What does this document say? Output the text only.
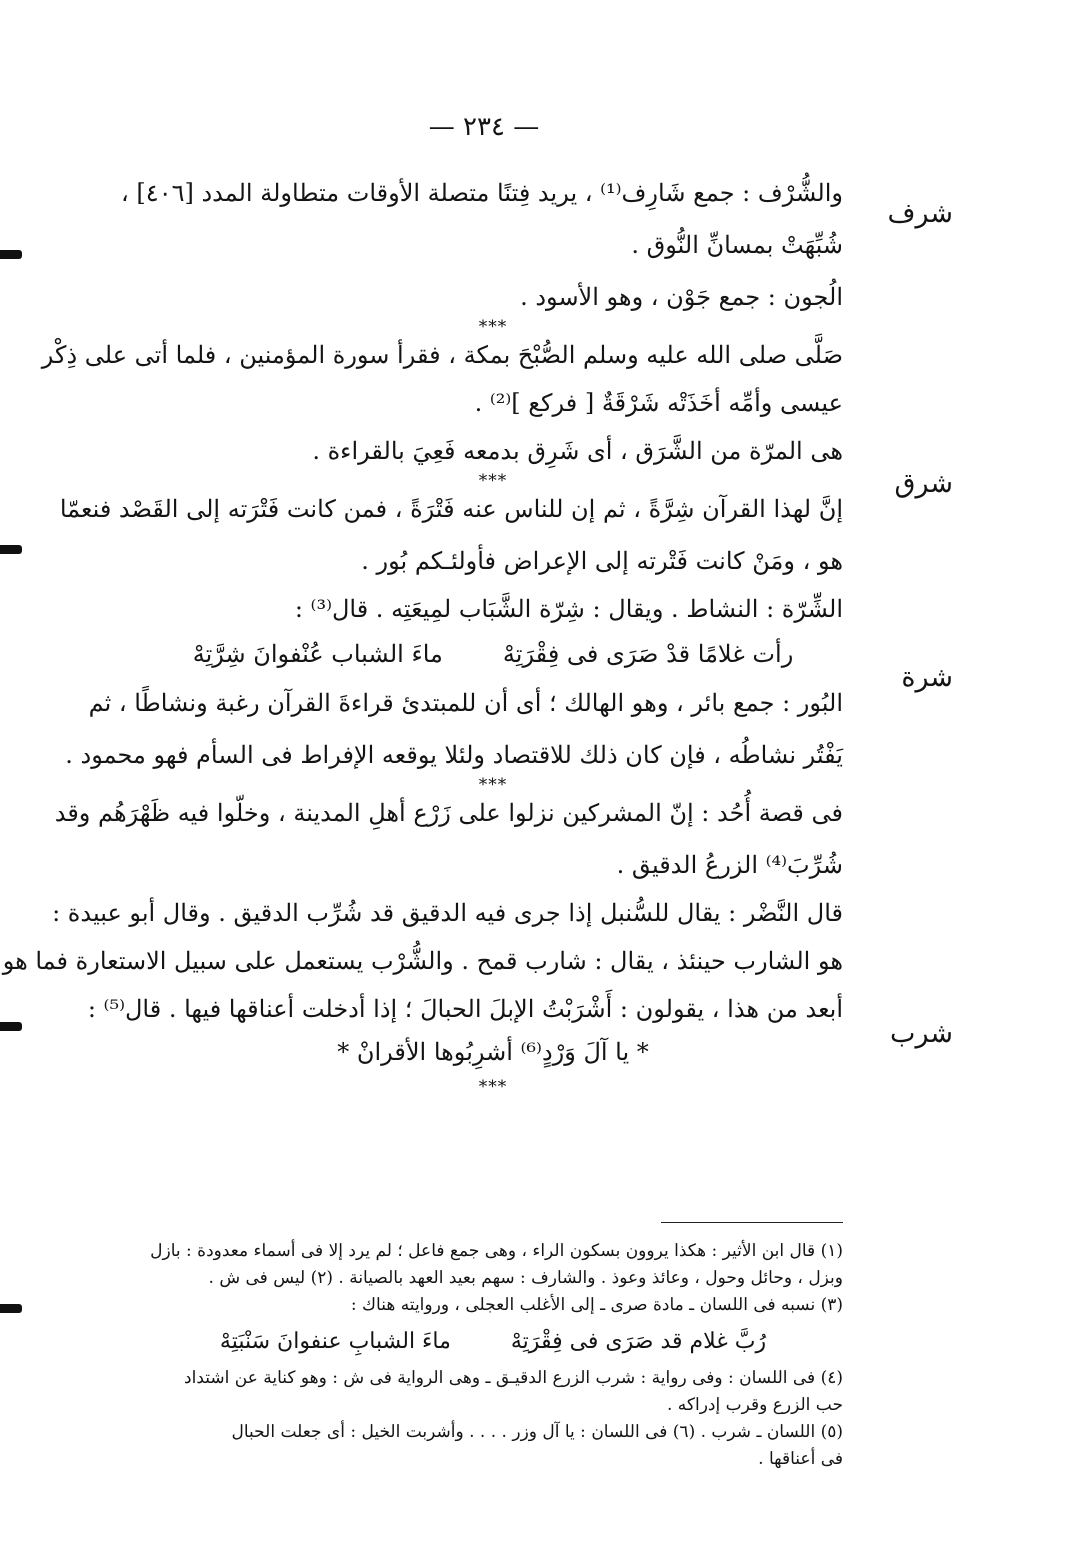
— ٢٣٤ —
شرف
شرق
شرة
شرب
والشُّرْف : جمع شَارِف⁽¹⁾ ، يريد فِتنًا متصلة الأوقات متطاولة المدد [٤٠٦] ،
شُبِّهَتْ بمسانِّ النُّوق .
الُجون : جمع جَوْن ، وهو الأسود .
***
صَلَّى صلى الله عليه وسلم الصُّبْحَ بمكة ، فقرأ سورة المؤمنين ، فلما أتى على ذِكْر
عيسى وأمِّه أخَذَتْه شَرْقَةٌ [ فركع ]⁽²⁾ .
هى المرّة من الشَّرَق ، أى شَرِق بدمعه فَعِيَ بالقراءة .
***
إنَّ لهذا القرآن شِرَّةً ، ثم إن للناس عنه فَتْرَةً ، فمن كانت فَتْرَته إلى القَصْد فنعمّا
هو ، ومَنْ كانت فَتْرته إلى الإعراض فأولئـكم بُور .
الشِّرّة : النشاط . ويقال : شِرّة الشَّبَاب لمِيعَتِه . قال⁽³⁾ :
رأت غلامًا قدْ صَرَى فى فِقْرَتِهْ
ماءَ الشباب عُنْفوانَ شِرَّتِهْ
البُور : جمع بائر ، وهو الهالك ؛ أى أن للمبتدئ قراءةَ القرآن رغبة ونشاطًا ، ثم
يَفْتُر نشاطُه ، فإن كان ذلك للاقتصاد ولئلا يوقعه الإفراط فى السأم فهو محمود .
***
فى قصة أُحُد : إنّ المشركين نزلوا على زَرْع أهلِ المدينة ، وخلّوا فيه ظَهْرَهُم وقد
شُرِّبَ⁽⁴⁾ الزرعُ الدقيق .
قال النَّضْر : يقال للسُّنبل إذا جرى فيه الدقيق قد شُرِّب الدقيق . وقال أبو عبيدة :
هو الشارب حينئذ ، يقال : شارب قمح . والشُّرْب يستعمل على سبيل الاستعارة فما هو
أبعد من هذا ، يقولون : أَشْرَبْتُ الإبلَ الحبالَ ؛ إذا أدخلت أعناقها فيها . قال⁽⁵⁾ :
* يا آلَ وَرْدٍ⁽⁶⁾ أشرِبُوها الأقرانْ *
***
(١) قال ابن الأثير : هكذا يروون بسكون الراء ، وهى جمع فاعل ؛ لم يرد إلا فى أسماء معدودة : بازل
وبزل ، وحائل وحول ، وعائذ وعوذ . والشارف : سهم بعيد العهد بالصيانة . (٢) ليس فى ش .
(٣) نسبه فى اللسان ـ مادة صرى ـ إلى الأغلب العجلى ، وروايته هناك :
رُبَّ غلام قد صَرَى فى فِقْرَتِهْ
ماءَ الشبابِ عنفوانَ سَنْبَتِهْ
(٤) فى اللسان : وفى رواية : شرب الزرع الدقيـق ـ وهى الرواية فى ش : وهو كناية عن اشتداد
حب الزرع وقرب إدراكه .
(٥) اللسان ـ شرب . (٦) فى اللسان : يا آل وزر . . . . وأشربت الخيل : أى جعلت الحبال
فى أعناقها .
